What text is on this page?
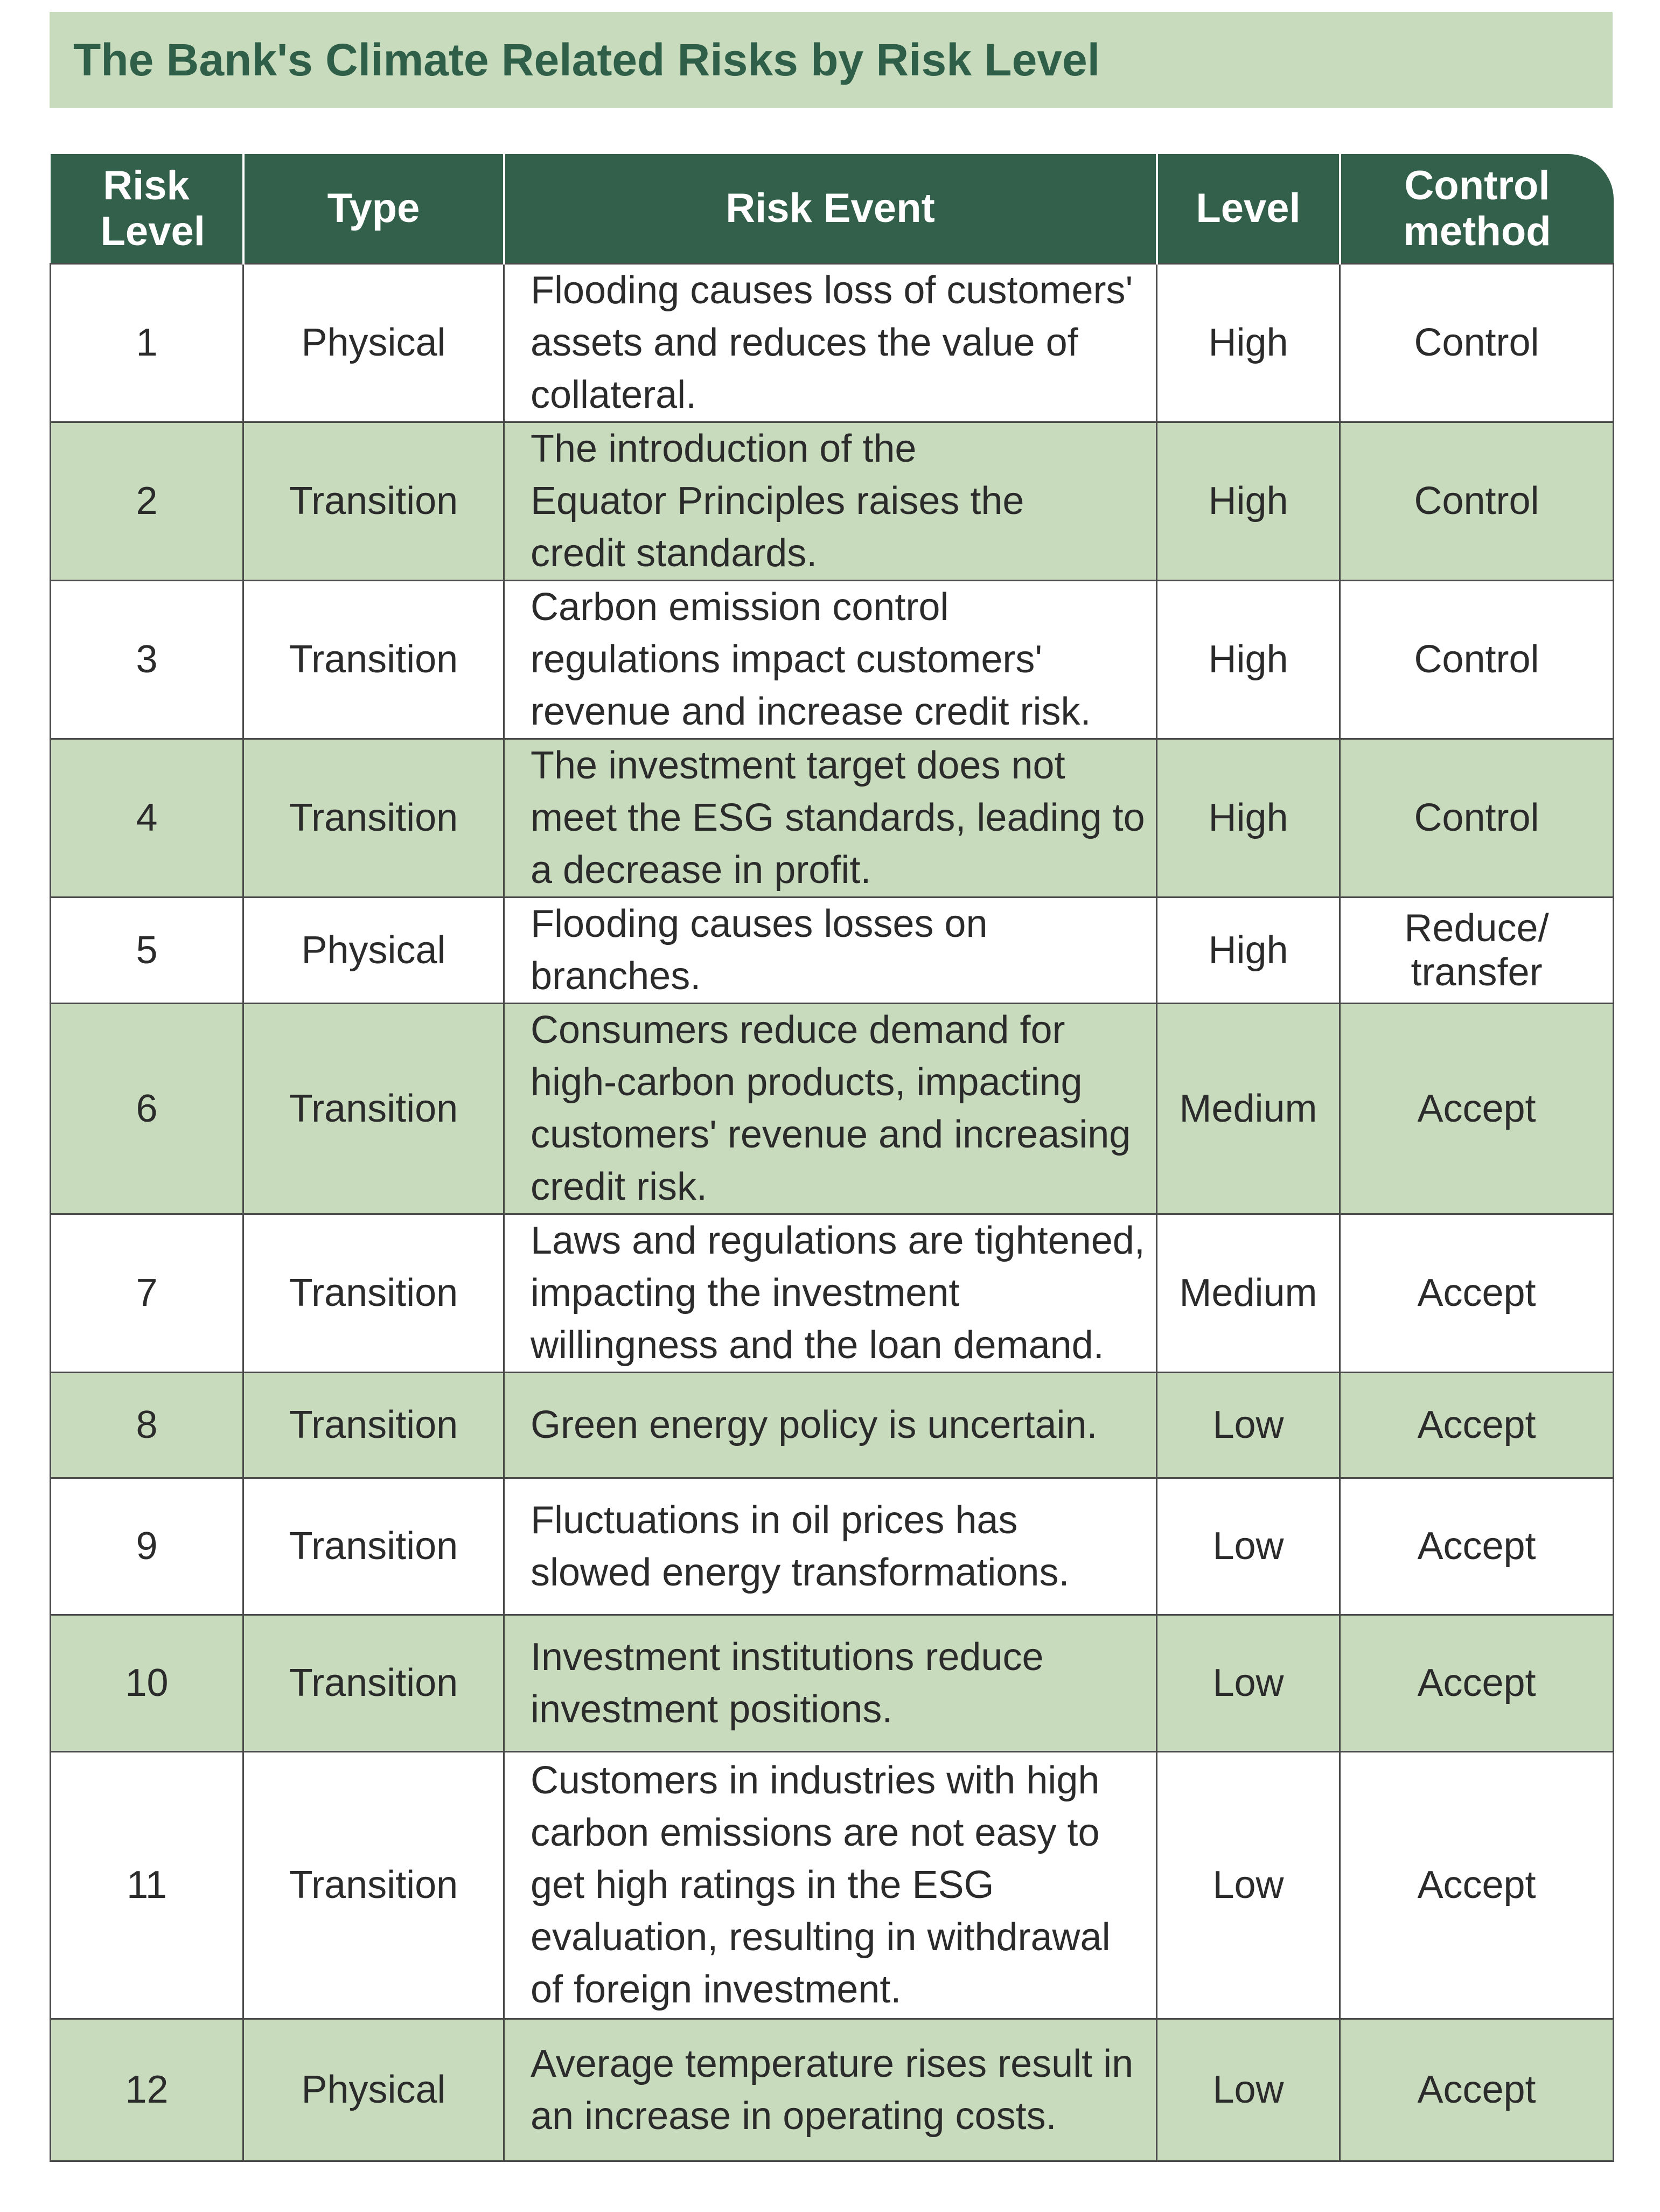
The Bank's Climate Related Risks by Risk Level
Risk Level	Type	Risk Event	Level	Control method

1	Physical	Flooding causes loss of customers' assets and reduces the value of collateral.	High	Control
2	Transition	The introduction of the Equator Principles raises the credit standards.	High	Control
3	Transition	Carbon emission control regulations impact customers' revenue and increase credit risk.	High	Control
4	Transition	The investment target does not meet the ESG standards, leading to a decrease in profit.	High	Control
5	Physical	Flooding causes losses on branches.	High	Reduce/ transfer

6	Transition	Consumers reduce demand for high-carbon products, impacting customers' revenue and increasing credit risk.	Medium	Accept
7	Transition	Laws and regulations are tightened, impacting the investment willingness and the loan demand.	Medium	Accept
8	Transition	Green energy policy is uncertain.	Low	Accept
9	Transition	Fluctuations in oil prices has slowed energy transformations.	Low	Accept
10	Transition	Investment institutions reduce investment positions.	Low	Accept
11	Transition	Customers in industries with high carbon emissions are not easy to get high ratings in the ESG evaluation, resulting in withdrawal of foreign investment.	Low	Accept
12	Physical	Average temperature rises result in an increase in operating costs.	Low	Accept
